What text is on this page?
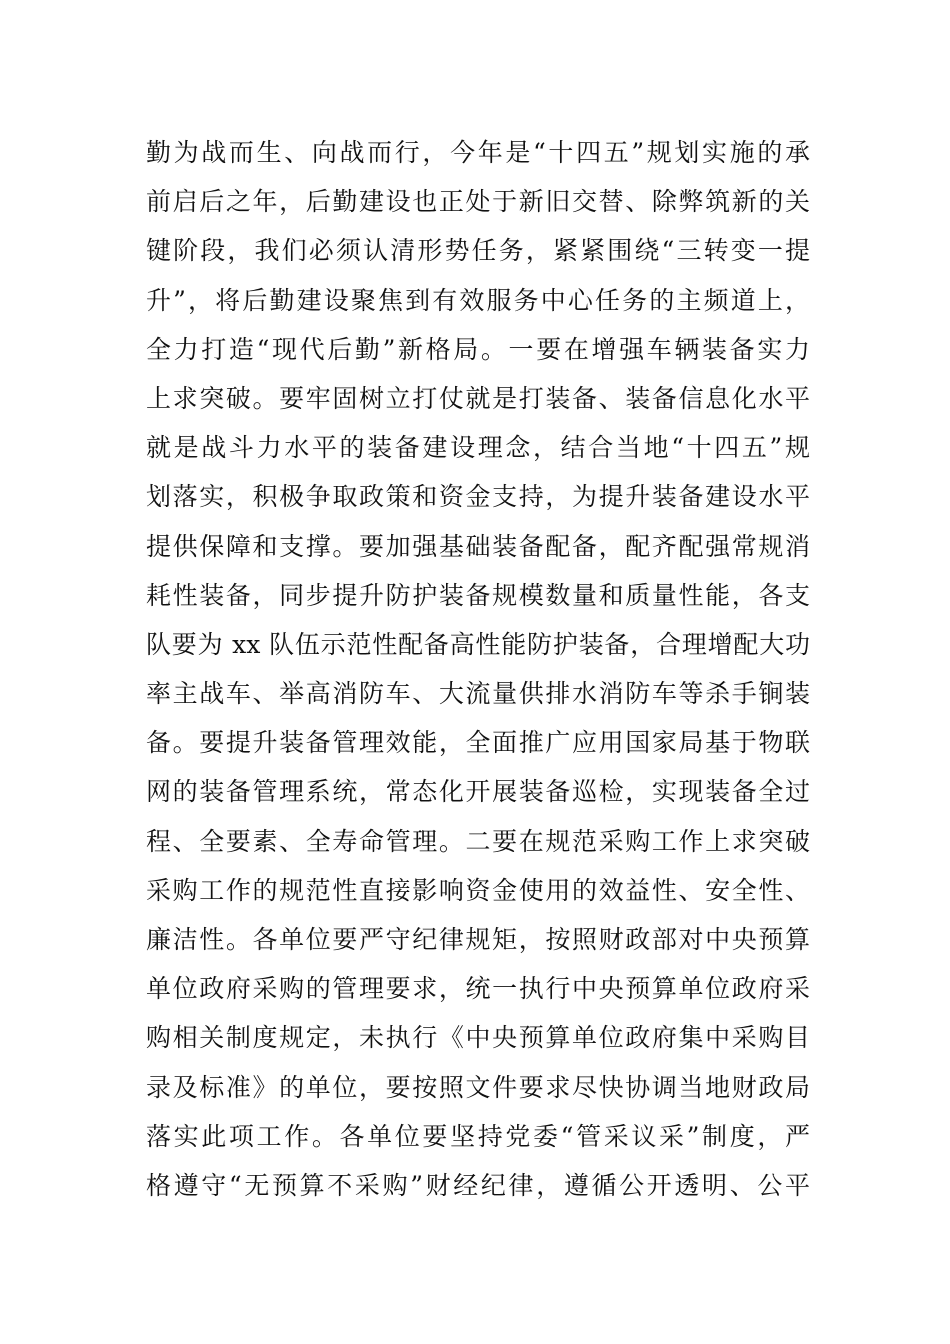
勤为战而生、向战而行，今年是“十四五”规划实施的承
前启后之年，后勤建设也正处于新旧交替、除弊筑新的关
键阶段，我们必须认清形势任务，紧紧围绕“三转变一提
升”，将后勤建设聚焦到有效服务中心任务的主频道上，
全力打造“现代后勤”新格局。一要在增强车辆装备实力
上求突破。要牢固树立打仗就是打装备、装备信息化水平
就是战斗力水平的装备建设理念，结合当地“十四五”规
划落实，积极争取政策和资金支持，为提升装备建设水平
提供保障和支撑。要加强基础装备配备，配齐配强常规消
耗性装备，同步提升防护装备规模数量和质量性能，各支
队要为 xx 队伍示范性配备高性能防护装备，合理增配大功
率主战车、举高消防车、大流量供排水消防车等杀手锏装
备。要提升装备管理效能，全面推广应用国家局基于物联
网的装备管理系统，常态化开展装备巡检，实现装备全过
程、全要素、全寿命管理。二要在规范采购工作上求突破
采购工作的规范性直接影响资金使用的效益性、安全性、
廉洁性。各单位要严守纪律规矩，按照财政部对中央预算
单位政府采购的管理要求，统一执行中央预算单位政府采
购相关制度规定，未执行《中央预算单位政府集中采购目
录及标准》的单位，要按照文件要求尽快协调当地财政局
落实此项工作。各单位要坚持党委“管采议采”制度，严
格遵守“无预算不采购”财经纪律，遵循公开透明、公平
